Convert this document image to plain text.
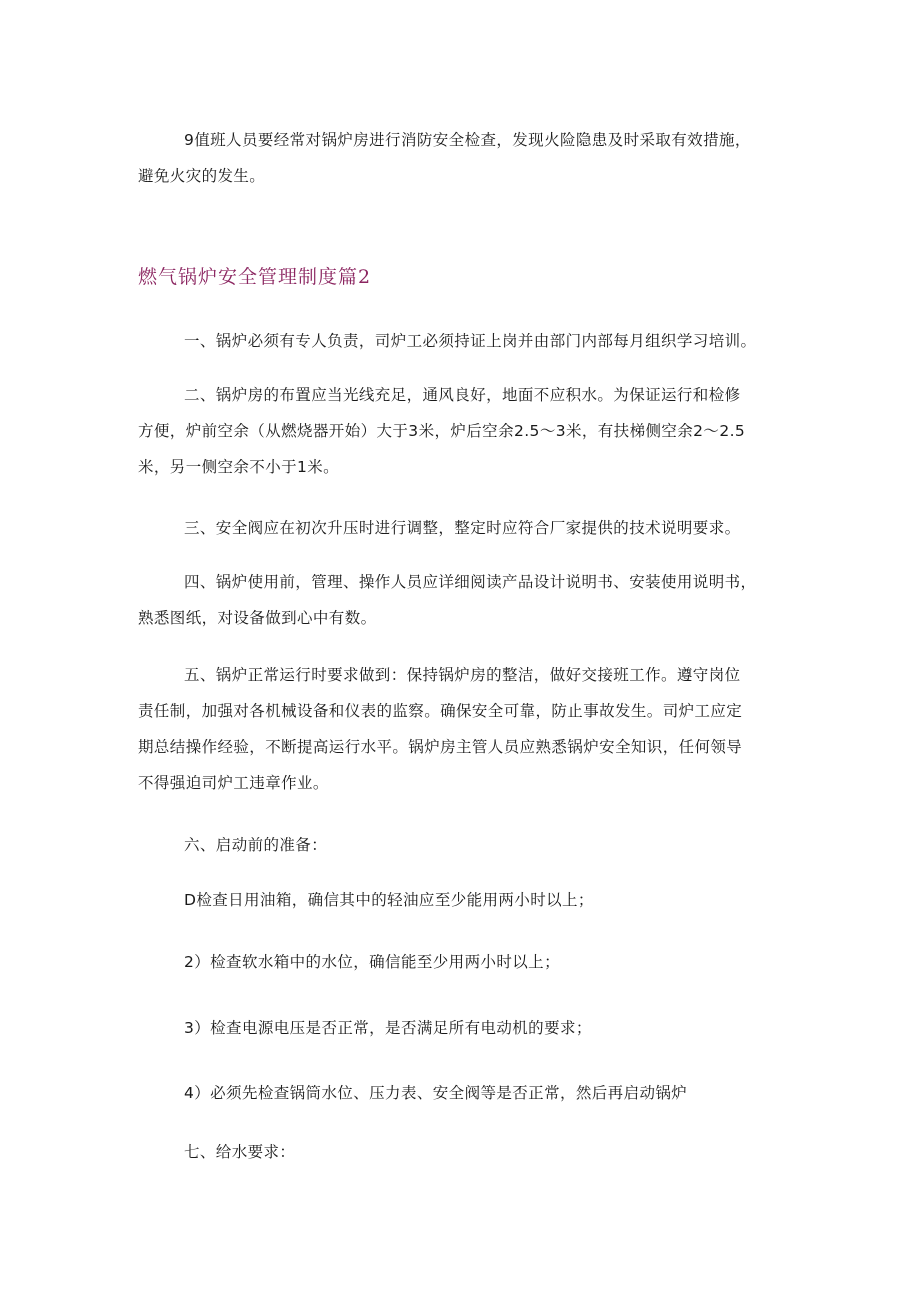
9值班人员要经常对锅炉房进行消防安全检查，发现火险隐患及时采取有效措施，
避免火灾的发生。
燃气锅炉安全管理制度篇2
一、锅炉必须有专人负责，司炉工必须持证上岗并由部门内部每月组织学习培训。
二、锅炉房的布置应当光线充足，通风良好，地面不应积水。为保证运行和检修
方便，炉前空余（从燃烧器开始）大于3米，炉后空余2.5～3米，有扶梯侧空余2～2.5
米，另一侧空余不小于1米。
三、安全阀应在初次升压时进行调整，整定时应符合厂家提供的技术说明要求。
四、锅炉使用前，管理、操作人员应详细阅读产品设计说明书、安装使用说明书，
熟悉图纸，对设备做到心中有数。
五、锅炉正常运行时要求做到：保持锅炉房的整洁，做好交接班工作。遵守岗位
责任制，加强对各机械设备和仪表的监察。确保安全可靠，防止事故发生。司炉工应定
期总结操作经验，不断提高运行水平。锅炉房主管人员应熟悉锅炉安全知识，任何领导
不得强迫司炉工违章作业。
六、启动前的准备：
D检查日用油箱，确信其中的轻油应至少能用两小时以上；
2）检查软水箱中的水位，确信能至少用两小时以上；
3）检查电源电压是否正常，是否满足所有电动机的要求；
4）必须先检查锅筒水位、压力表、安全阀等是否正常，然后再启动锅炉
七、给水要求：
